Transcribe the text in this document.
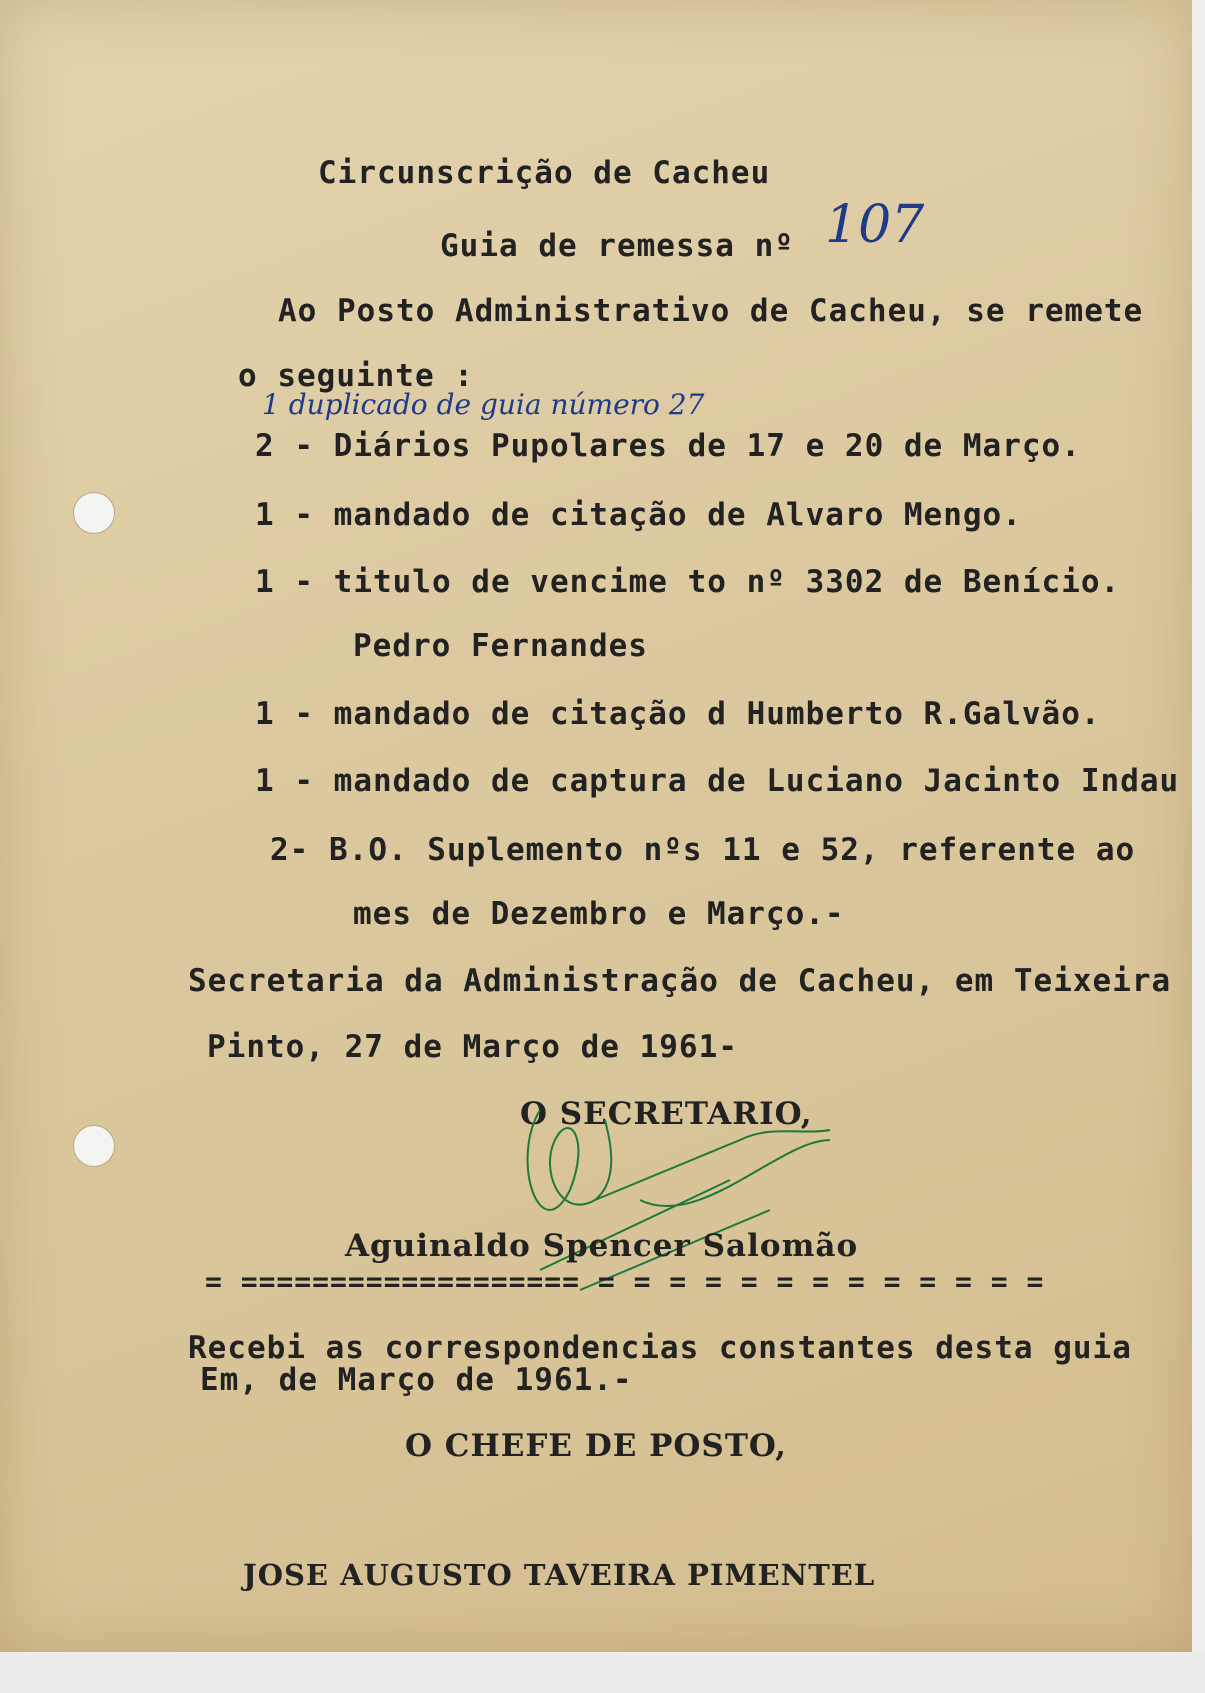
Circunscrição de Cacheu
Guia de remessa nº 107
Ao Posto Administrativo de Cacheu, se remete
o seguinte :
1 duplicado de guia número 27
2 - Diários Pupolares de 17 e 20 de Março.
1 - mandado de citação de Alvaro Mengo.
1 - titulo de vencime to nº 3302 de Benício.
Pedro Fernandes
1 - mandado de citação d Humberto R.Galvão.
1 - mandado de captura de Luciano Jacinto Indau
2- B.O. Suplemento nºs 11 e 52, referente ao
mes de Dezembro e Março.-
Secretaria da Administração de Cacheu, em Teixeira
Pinto, 27 de Março de 1961-
O SECRETARIO,
Aguinaldo Spencer Salomão
= =================== = = = = = = = = = = = = =
Recebi as correspondencias constantes desta guia
Em, de Março de 1961.-
O CHEFE DE POSTO,
JOSE AUGUSTO TAVEIRA PIMENTEL
